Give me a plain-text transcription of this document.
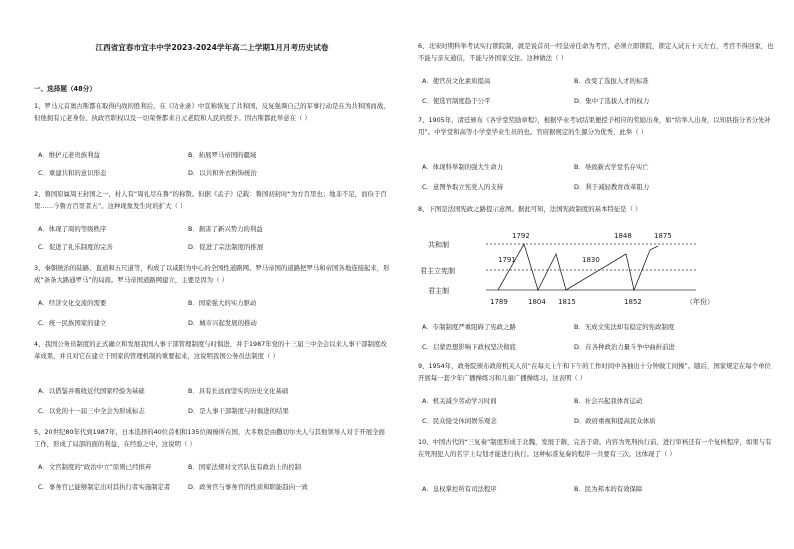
江西省宜春市宜丰中学2023-2024学年高二上学期1月月考历史试卷
一、选择题（48分）
1、罗马元首奥古斯都在取得内战的胜利后，在《功业录》中宣称恢复了共和国，反复强调自己的军事行动是在为共和国而战，但他拥有元老身份、执政官职权以及一切荣誉都来自元老院和人民的授予。因古斯都此举意在（ ）
A．维护元老贵族利益	B．拓展罗马帝国的疆域
C．重建共和的意识形态	D．以共和外衣粉饰统治
2、鲁国原属周王封国之一，村人有“周礼尽在鲁”的称赞。但据《孟子》记载：鲁国初封时“为方百里也；地非不足，而俭于百里……今鲁方百里者五”。这种现象发生时的扩大（ ）
A．体现了周的等级秩序	B．损害了新兴势力的利益
C．促进了礼乐制度的完善	D．促进了宗法制度的推展
3、秦朝统治的陆路、直道和五尺道等，构成了以咸阳为中心的全国性道路网。罗马帝国的道路把罗马和帝国各地连接起来，形成“条条大路通罗马”的局面。罗马帝国道路网建立，主要是因为（ ）
A．经济文化交流的需要	B．国家强大的实力驱动
C．统一民族国家的建立	D．城市兴起发展的推动
4、我国公务员制度的正式确立和发展我国人事干部管理制度与时俱进，并于1987年党的十三届三中全会以来人事干部制度改革成果，并且对它在建立于国家的管理机制的重要起来，这说明我国公务员法制度（ ）
A．以借鉴并吸收近代国家经验为基础	B．具有长远而坚实的历史文化基础
C．以党的十一届三中全会为形成标志	D．是人事干部制度与时俱进的结果
5、20世纪80年代到1987年，日本选择的40位首相和135位阁僚所在国，大多数是由撒切尔夫人与其他领导人对于开展全面工作，形成了局部的面的利益，在经验之中，这说明（ ）
A．文官制度的“政治中立”原则已经摈弃	B．国家法规对文官队伍有政治上的控制
C．事务官已能够制定出对其执行者实施制定者	D．政务官与事务官的性质和职能趋向一致
6、北宋时期科举考试实行锁院制，就是说首员一经皇帝任命为考官，必须立即锁院，锁定入试五十天左右，考官不得回家，也不能与亲友通信，不能与外国家交往。这种做法（ ）
A．使官员文化素质提高	B．改变了选拔人才的标准
C．使选官制度趋于公平	D．集中了选拔人才的权力
7、1905年，清廷颁布《各学堂奖励章程》，根据毕业考试结果便授予相应的奖励出身，如“给举人出身，以知县指分省分先补用”。中学堂和高等小学堂毕业生员的也。官府据规定的生源分为优秀，此举（ ）
A．体现科举制的强大生命力	B．导致新式学堂名存实亡
C．意图争取立宪党人的支持	D．利于减轻教育改革阻力
8、下图是法国宪政之路提示意图。据此可知，法国宪政制度的基本特征是（ ）
共和制
君主立宪制
君主制
1792	1848	1875
1791	1830
1789	1804 1815	1852	（年份）
A．专制制度严重阻碍了宪政之路	B．无成文宪法却有稳定的宪政制度
C．启蒙思想影响下政权坚决彻底	D．在各种政治力量斗争中曲折前进
9、1954年，政务院颁布政府机关人员“在每天上午和下午的工作时间中各抽出十分钟做工间操”。随后，国家规定在每个单位开展每一套少年广播操练习和儿童广播操练习。这表明（ ）
A．机关减少劳动学习时间	B．社会兴起我体育运动
C．民众接受休闲娱乐观念	D．政府重视和提高民众体质
10、中国古代的“三复奏”制度形成于北魏，发展于隋，完善于唐。内容为死刑执行前，进行审核还有一个复核程序，如果与有在死刑犯人的名字上勾划才能进行执行。这种标准复奏的程序一共要有三次。这体现了（ ）
A．皇权掌控所有司法程序	B．民为邦本的有效保障
